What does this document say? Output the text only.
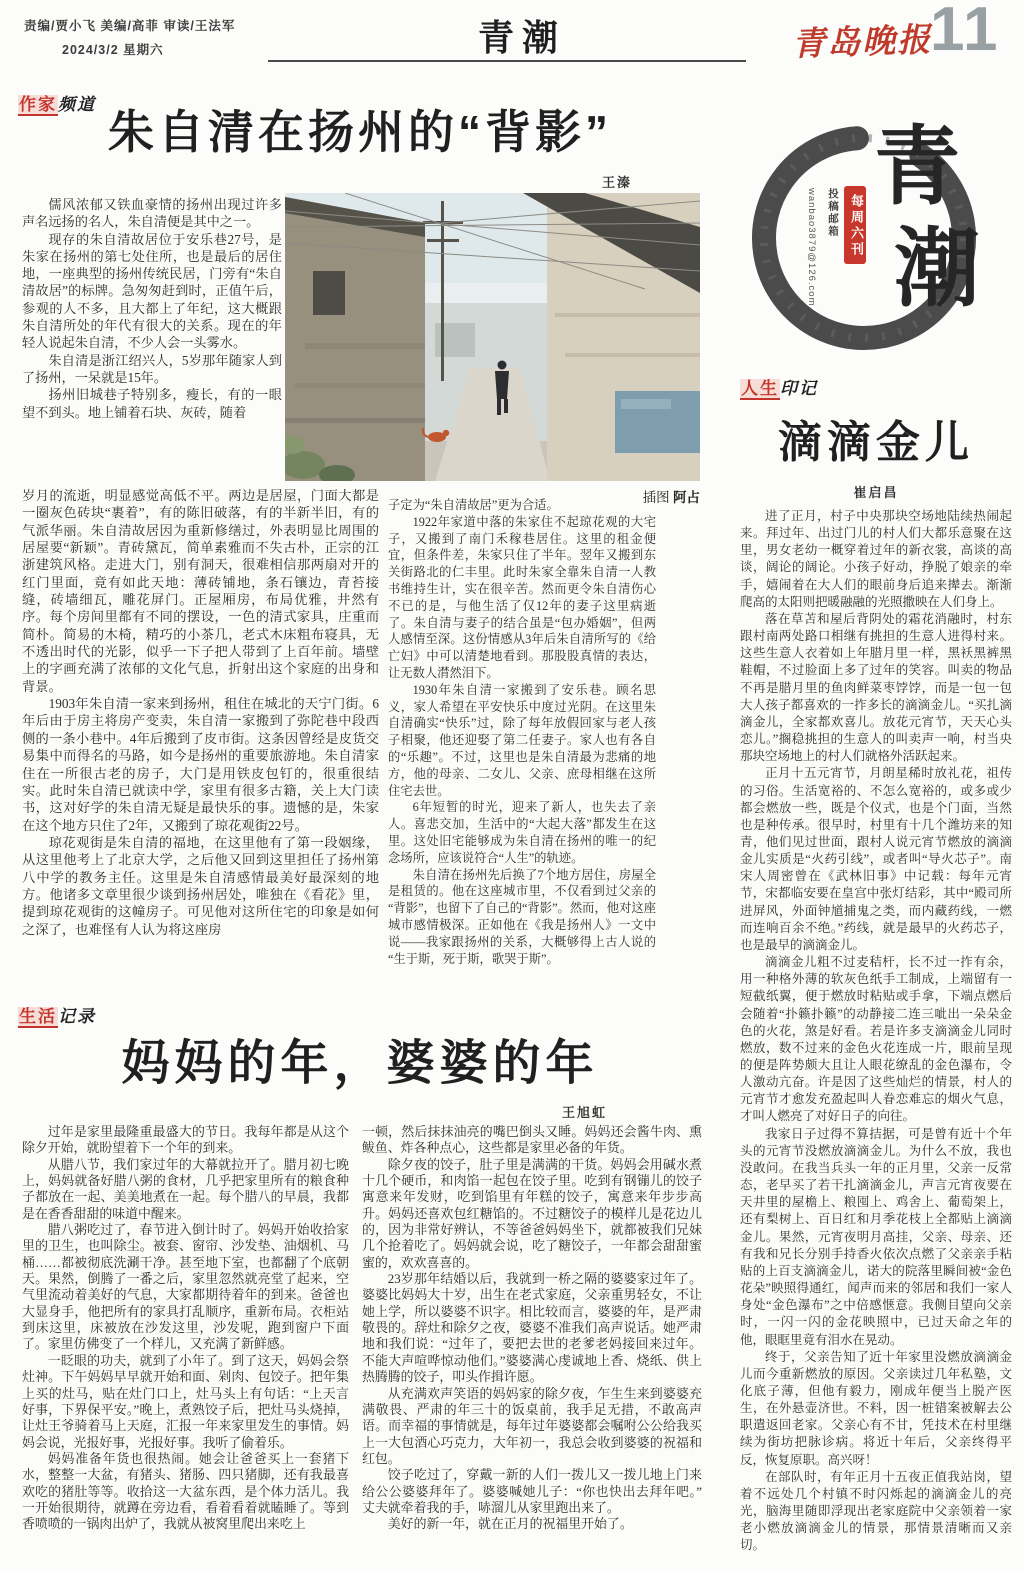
责编/贾小飞 美编/高菲 审读/王法军
2024/3/2 星期六	青潮	青岛晚报
11
作家频道
朱自清在扬州的“背影”
王溱

儒风浓郁又铁血豪情的扬州出现过许多声名远扬的名人，朱自清便是其中之一。

现存的朱自清故居位于安乐巷27号，是朱家在扬州的第七处住所，也是最后的居住地，一座典型的扬州传统民居，门旁有“朱自清故居”的标牌。急匆匆赶到时，正值午后，参观的人不多，且大都上了年纪，这大概跟朱自清所处的年代有很大的关系。现在的年轻人说起朱自清，不少人会一头雾水。

朱自清是浙江绍兴人，5岁那年随家人到了扬州，一呆就是15年。

扬州旧城巷子特别多，瘦长，有的一眼望不到头。地上铺着石块、灰砖，随着

插图 阿占

岁月的流逝，明显感觉高低不平。两边是居屋，门面大都是一圈灰色砖块“裹着”，有的陈旧破落，有的半新半旧，有的气派华丽。朱自清故居因为重新修缮过，外表明显比周围的居屋要“新颖”。青砖黛瓦，简单素雅而不失古朴，正宗的江浙建筑风格。走进大门，别有洞天，很难相信那两扇对开的红门里面，竟有如此天地：薄砖铺地，条石镶边，青苔接缝，砖墙细瓦，雕花屏门。正屋厢房，布局优雅，井然有序。每个房间里都有不同的摆设，一色的清式家具，庄重而简朴。简易的木椅，精巧的小茶几，老式木床粗布寝具，无不透出时代的光影，似乎一下子把人带到了上百年前。墙壁上的字画充满了浓郁的文化气息，折射出这个家庭的出身和背景。

1903年朱自清一家来到扬州，租住在城北的天宁门街。6年后由于房主将房产变卖，朱自清一家搬到了弥陀巷中段西侧的一条小巷中。4年后搬到了皮市街。这条因曾经是皮货交易集中而得名的马路，如今是扬州的重要旅游地。朱自清家住在一所很古老的房子，大门是用铁皮包钉的，很重很结实。此时朱自清已就读中学，家里有很多古籍，关上大门读书，这对好学的朱自清无疑是最快乐的事。遗憾的是，朱家在这个地方只住了2年，又搬到了琼花观街22号。

琼花观街是朱自清的福地，在这里他有了第一段姻缘，从这里他考上了北京大学，之后他又回到这里担任了扬州第八中学的教务主任。这里是朱自清感情最美好最深刻的地方。他诸多文章里很少谈到扬州居处，唯独在《看花》里，提到琼花观街的这幢房子。可见他对这所住宅的印象是如何之深了，也难怪有人认为将这座房

子定为“朱自清故居”更为合适。

1922年家道中落的朱家住不起琼花观的大宅子，又搬到了南门禾稼巷居住。这里的租金便宜，但条件差，朱家只住了半年。翌年又搬到东关街路北的仁丰里。此时朱家全靠朱自清一人教书维持生计，实在很辛苦。然而更令朱自清伤心不已的是，与他生活了仅12年的妻子这里病逝了。朱自清与妻子的结合虽是“包办婚姻”，但两人感情至深。这份情感从3年后朱自清所写的《给亡妇》中可以清楚地看到。那股股真情的表达，让无数人潸然泪下。

1930年朱自清一家搬到了安乐巷。顾名思义，家人希望在平安快乐中度过光阴。在这里朱自清确实“快乐”过，除了每年放假回家与老人孩子相聚，他还迎娶了第二任妻子。家人也有各自的“乐趣”。不过，这里也是朱自清最为悲痛的地方，他的母亲、二女儿、父亲、庶母相继在这所住宅去世。

6年短暂的时光，迎来了新人，也失去了亲人。喜悲交加，生活中的“大起大落”都发生在这里。这处旧宅能够成为朱自清在扬州的唯一的纪念场所，应该说符合“人生”的轨迹。

朱自清在扬州先后换了7个地方居住，房屋全是租赁的。他在这座城市里，不仅看到过父亲的“背影”，也留下了自己的“背影”。然而，他对这座城市感情极深。正如他在《我是扬州人》一文中说——我家跟扬州的关系，大概够得上古人说的“生于斯，死于斯，歌哭于斯”。

青
潮
每周六刊
投稿邮箱
wanbao3879@126.com
人生印记
滴滴金儿
崔启昌

进了正月，村子中央那块空场地陆续热闹起来。拜过年、出过门儿的村人们大都乐意聚在这里，男女老幼一概穿着过年的新衣裳，高谈的高谈，阔论的阔论。小孩子好动，挣脱了娘亲的牵手，嬉闹着在大人们的眼前身后追来撵去。渐渐爬高的太阳则把暖融融的光照撒映在人们身上。

落在草苫和屋后背阴处的霜花消融时，村东跟村南两处路口相继有挑担的生意人进得村来。这些生意人衣着如上年腊月里一样，黑袄黑裤黑鞋帽，不过脸面上多了过年的笑容。叫卖的物品不再是腊月里的鱼肉鲜菜枣饽饽，而是一包一包大人孩子都喜欢的一拃多长的滴滴金儿。“买扎滴滴金儿，全家都欢喜儿。放花元宵节，天天心头恋儿。”搁稳挑担的生意人的叫卖声一响，村当央那块空场地上的村人们就格外活跃起来。

正月十五元宵节，月朗星稀时放礼花，祖传的习俗。生活宽裕的、不怎么宽裕的，或多或少都会燃放一些，既是个仪式，也是个门面，当然也是种传承。很早时，村里有十几个潍坊来的知青，他们见过世面，跟村人说元宵节燃放的滴滴金儿实质是“火药引线”，或者叫“导火芯子”。南宋人周密曾在《武林旧事》中记载：每年元宵节，宋都临安要在皇宫中张灯结彩，其中“殿司所进屏风，外面钟馗捕鬼之类，而内藏药线，一燃而连响百余不绝。”药线，就是最早的火药芯子，也是最早的滴滴金儿。

滴滴金儿粗不过麦秸杆，长不过一拃有余，用一种格外薄的软灰色纸手工制成，上端留有一短截纸翼，便于燃放时粘贴或手拿，下端点燃后会随着“扑籁扑籁”的动静接二连三呲出一朵朵金色的火花，煞是好看。若是许多支滴滴金儿同时燃放，数不过来的金色火花连成一片，眼前呈现的便是阵势颇大且让人眼花缭乱的金色瀑布，令人激动亢奋。许是因了这些灿烂的情景，村人的元宵节才愈发充盈起叫人眷恋难忘的烟火气息，才叫人燃亮了对好日子的向往。

我家日子过得不算拮据，可是曾有近十个年头的元宵节没燃放滴滴金儿。为什么不放，我也没敢问。在我当兵头一年的正月里，父亲一反常态，老早买了若干扎滴滴金儿，声言元宵夜要在天井里的屋檐上、粮囤上、鸡舍上、葡萄架上，还有梨树上、百日红和月季花枝上全都贴上滴滴金儿。果然，元宵夜明月高挂，父亲、母亲、还有我和兄长分别手持香火依次点燃了父亲亲手粘贴的上百支滴滴金儿，诺大的院落里瞬间被“金色花朵”映照得通红，闻声而来的邻居和我们一家人身处“金色瀑布”之中倍感惬意。我侧目望向父亲时，一闪一闪的金花映照中，已过天命之年的他，眼眶里竟有泪水在晃动。

终于，父亲告知了近十年家里没燃放滴滴金儿而今重新燃放的原因。父亲读过几年私塾，文化底子薄，但他有毅力，刚成年便当上脱产医生，在外悬壶济世。不料，因一桩错案被解去公职遣返回老家。父亲心有不甘，凭技术在村里继续为街坊把脉诊病。将近十年后，父亲终得平反，恢复原职。高兴呀！

在部队时，有年正月十五夜正值我站岗，望着不远处几个村镇不时闪烁起的滴滴金儿的亮光，脑海里随即浮现出老家庭院中父亲领着一家老小燃放滴滴金儿的情景，那情景清晰而又亲切。

生活记录
妈妈的年，婆婆的年
王旭虹

过年是家里最隆重最盛大的节日。我每年都是从这个除夕开始，就盼望着下一个年的到来。

从腊八节，我们家过年的大幕就拉开了。腊月初七晚上，妈妈就备好腊八粥的食材，几乎把家里所有的粮食种子都放在一起、美美地煮在一起。每个腊八的早晨，我都是在香香甜甜的味道中醒来。

腊八粥吃过了，春节进入倒计时了。妈妈开始收拾家里的卫生，也叫除尘。被套、窗帘、沙发垫、油烟机、马桶……都被彻底洗涮干净。甚至地下室，也都翻了个底朝天。果然，倒腾了一番之后，家里忽然就亮堂了起来，空气里流动着美好的气息，大家都期待着年的到来。爸爸也大显身手，他把所有的家具打乱顺序，重新布局。衣柜站到床这里，床被放在沙发这里，沙发呢，跑到窗户下面了。家里仿佛变了一个样儿，又充满了新鲜感。

一眨眼的功夫，就到了小年了。到了这天，妈妈会祭灶神。下午妈妈早早就开始和面、剁肉、包饺子。把年集上买的灶马，贴在灶门口上，灶马头上有句话：“上天言好事，下界保平安。”晚上，煮熟饺子后，把灶马头烧掉，让灶王爷骑着马上天庭，汇报一年来家里发生的事情。妈妈会说，光报好事，光报好事。我听了偷着乐。

妈妈准备年货也很热闹。她会让爸爸买上一套猪下水，整整一大盆，有猪头、猪肠、四只猪脚，还有我最喜欢吃的猪肚等等。收拾这一大盆东西，是个体力活儿。我一开始很期待，就蹲在旁边看，看着看着就瞌睡了。等到香喷喷的一锅肉出炉了，我就从被窝里爬出来吃上

一顿，然后抹抹油亮的嘴巴倒头又睡。妈妈还会酱牛肉、熏鲅鱼、炸各种点心，这些都是家里必备的年货。

除夕夜的饺子，肚子里是满满的干货。妈妈会用碱水煮十几个硬币，和肉馅一起包在饺子里。吃到有钢镚儿的饺子寓意来年发财，吃到馅里有年糕的饺子，寓意来年步步高升。妈妈还喜欢包红糖馅的。不过糖饺子的模样儿是花边儿的，因为非常好辨认，不等爸爸妈妈坐下，就都被我们兄妹几个抢着吃了。妈妈就会说，吃了糖饺子，一年都会甜甜蜜蜜的，欢欢喜喜的。

23岁那年结婚以后，我就到一桥之隔的婆婆家过年了。婆婆比妈妈大十岁，出生在老式家庭，父亲重男轻女，不让她上学，所以婆婆不识字。相比较而言，婆婆的年，是严肃敬畏的。辞灶和除夕之夜，婆婆不准我们高声说话。她严肃地和我们说：“过年了，要把去世的老爹老妈接回来过年。不能大声喧哗惊动他们。”婆婆满心虔诚地上香、烧纸、供上热腾腾的饺子，叩头作揖许愿。

从充满欢声笑语的妈妈家的除夕夜，乍生生来到婆婆充满敬畏、严肃的年三十的饭桌前，我手足无措，不敢高声语。而幸福的事情就是，每年过年婆婆都会嘱咐公公给我买上一大包酒心巧克力，大年初一，我总会收到婆婆的祝福和红包。

饺子吃过了，穿戴一新的人们一拨儿又一拨儿地上门来给公公婆婆拜年了。婆婆喊她儿子：“你也快出去拜年吧。”丈夫就牵着我的手，哧溜儿从家里跑出来了。

美好的新一年，就在正月的祝福里开始了。
